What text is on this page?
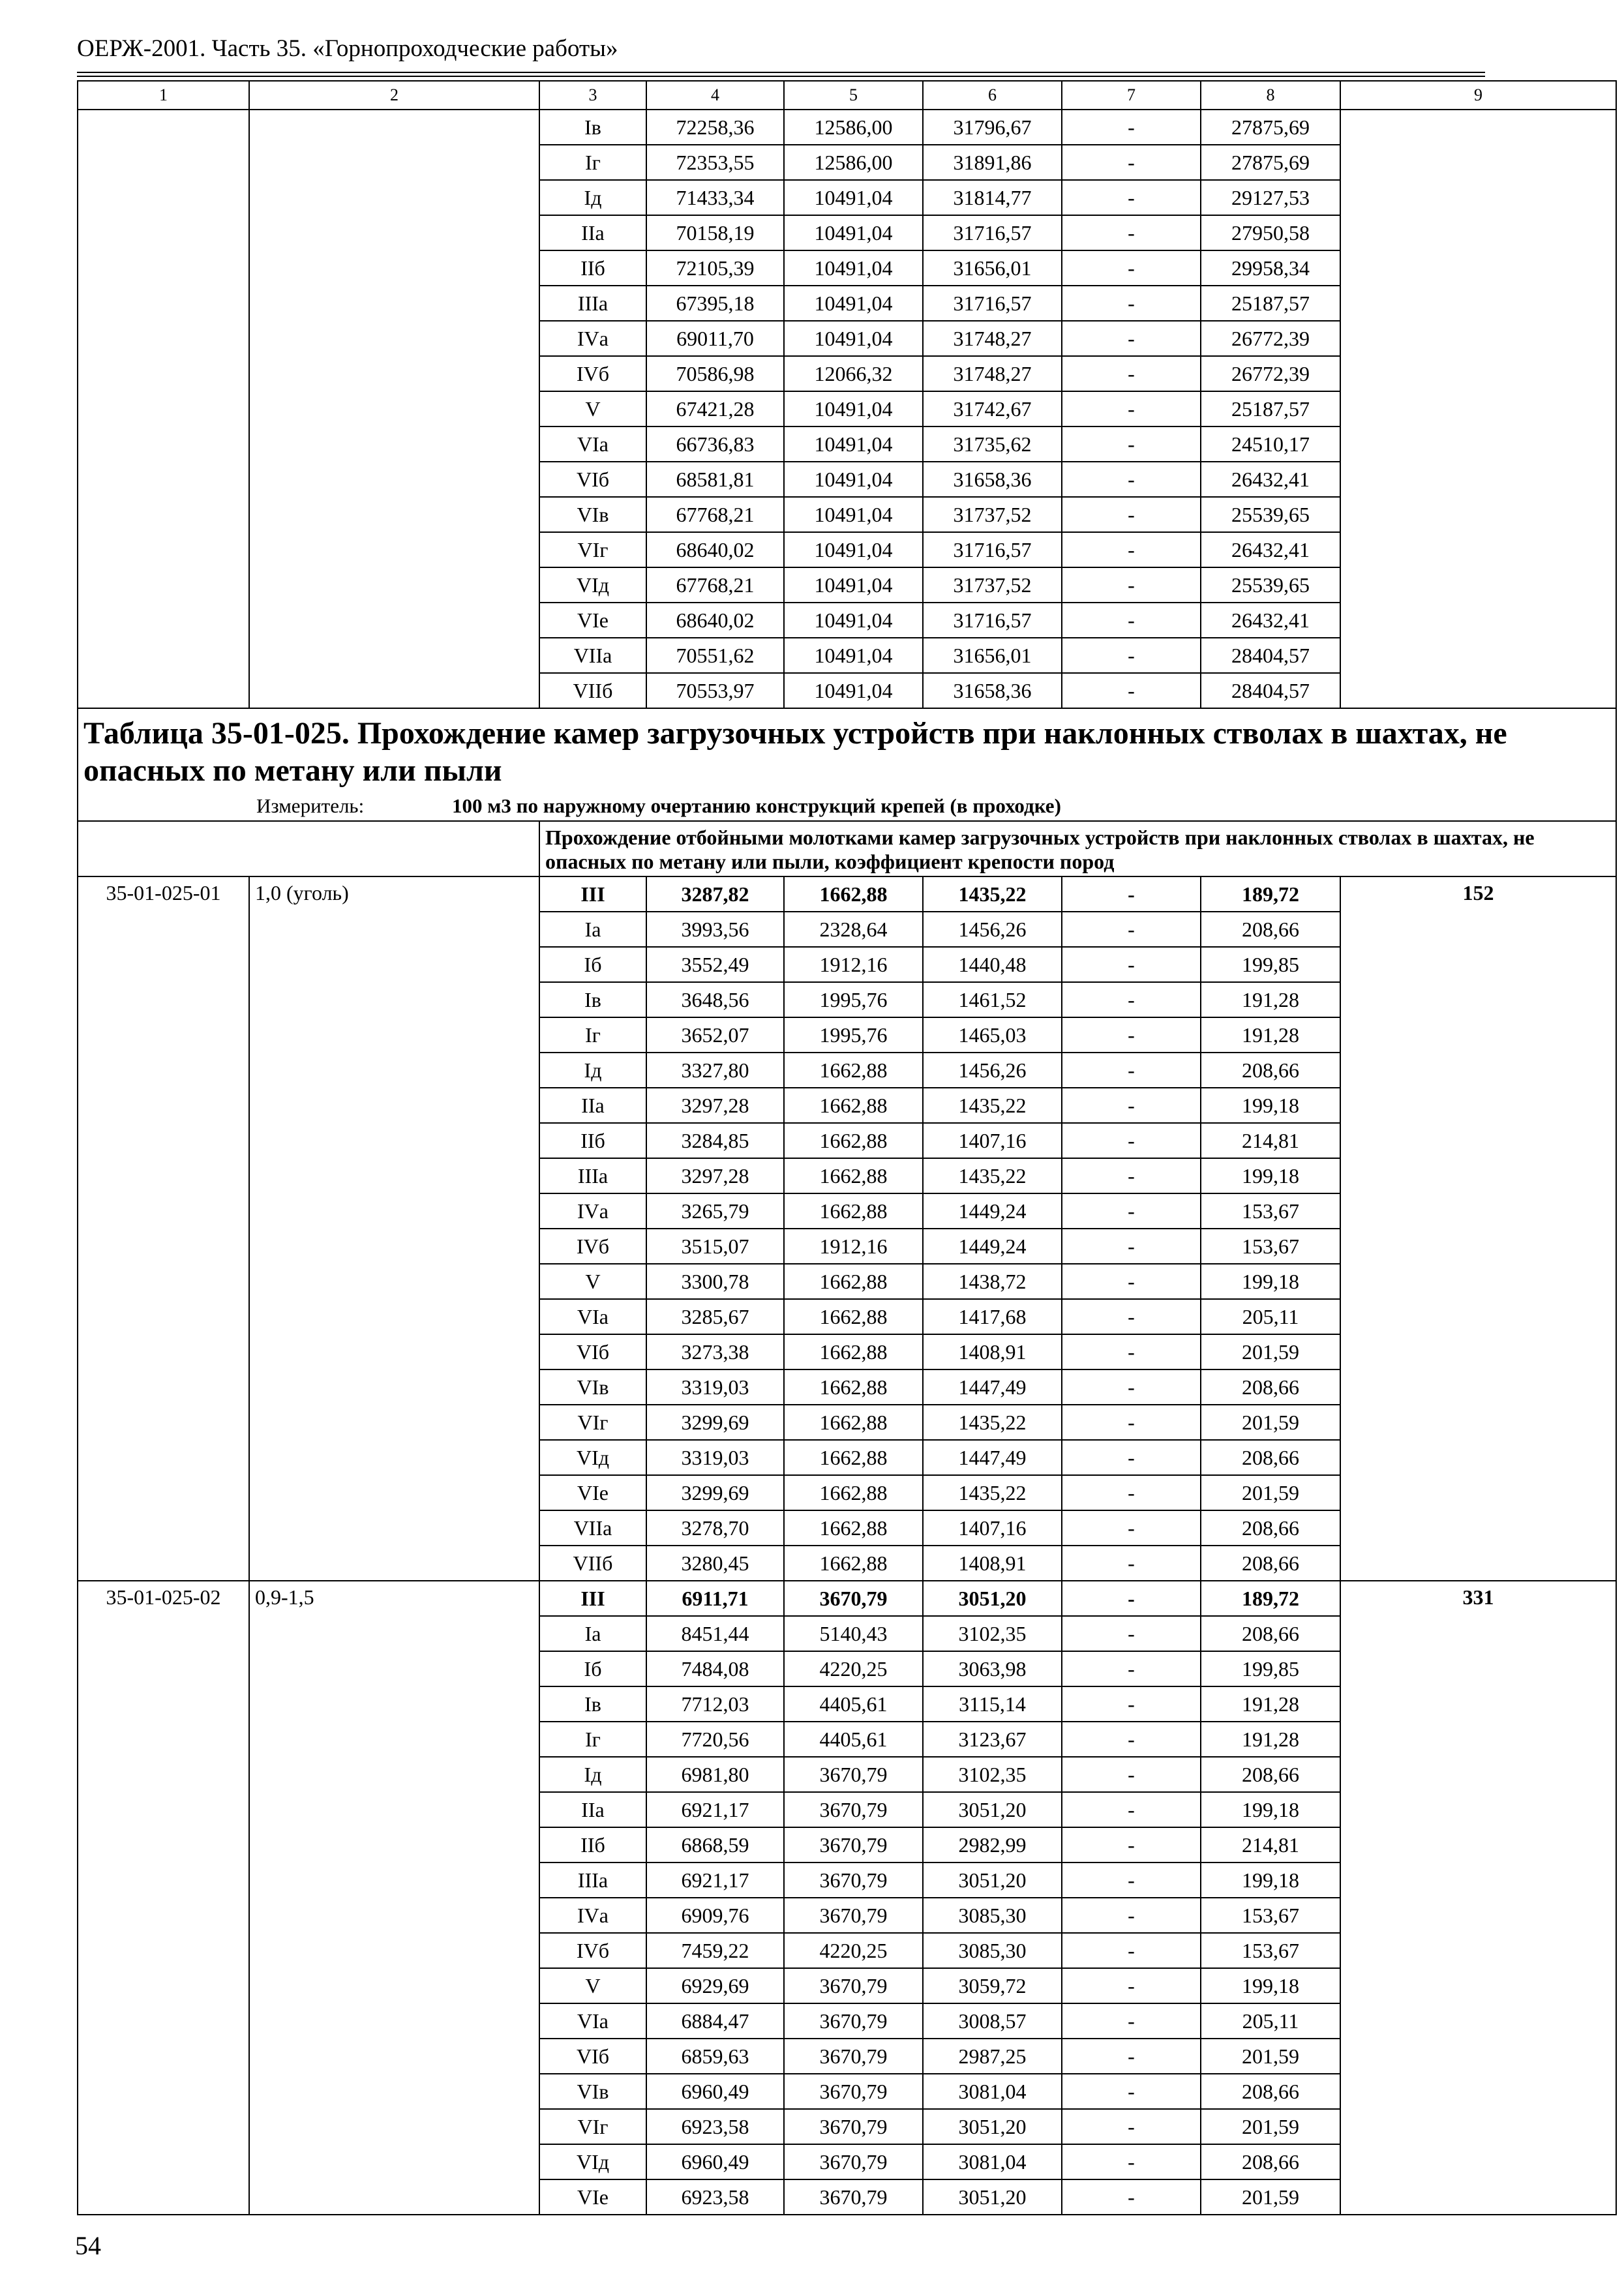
ОЕРЖ-2001. Часть 35. «Горнопроходческие работы»
1	2	3	4	5	6	7	8	9
		Iв	72258,36	12586,00	31796,67	-	27875,69	
		Iг	72353,55	12586,00	31891,86	-	27875,69	
		Iд	71433,34	10491,04	31814,77	-	29127,53	
		IIа	70158,19	10491,04	31716,57	-	27950,58	
		IIб	72105,39	10491,04	31656,01	-	29958,34	
		IIIа	67395,18	10491,04	31716,57	-	25187,57	
		IVа	69011,70	10491,04	31748,27	-	26772,39	
		IVб	70586,98	12066,32	31748,27	-	26772,39	
		V	67421,28	10491,04	31742,67	-	25187,57	
		VIа	66736,83	10491,04	31735,62	-	24510,17	
		VIб	68581,81	10491,04	31658,36	-	26432,41	
		VIв	67768,21	10491,04	31737,52	-	25539,65	
		VIг	68640,02	10491,04	31716,57	-	26432,41	
		VIд	67768,21	10491,04	31737,52	-	25539,65	
		VIе	68640,02	10491,04	31716,57	-	26432,41	
		VIIа	70551,62	10491,04	31656,01	-	28404,57	
		VIIб	70553,97	10491,04	31658,36	-	28404,57	

Таблица 35-01-025. Прохождение камер загрузочных устройств при наклонных стволах в шахтах, не опасных по метану или пыли
Измеритель: 100 м3 по наружному очертанию конструкций крепей (в проходке)								

		Прохождение отбойными молотками камер загрузочных устройств при наклонных стволах в шахтах, не опасных по метану или пыли, коэффициент крепости пород						
35-01-025-01	1,0 (уголь)	III	3287,82	1662,88	1435,22	-	189,72	152
		Iа	3993,56	2328,64	1456,26	-	208,66	
		Iб	3552,49	1912,16	1440,48	-	199,85	
		Iв	3648,56	1995,76	1461,52	-	191,28	
		Iг	3652,07	1995,76	1465,03	-	191,28	
		Iд	3327,80	1662,88	1456,26	-	208,66	
		IIа	3297,28	1662,88	1435,22	-	199,18	
		IIб	3284,85	1662,88	1407,16	-	214,81	
		IIIа	3297,28	1662,88	1435,22	-	199,18	
		IVа	3265,79	1662,88	1449,24	-	153,67	
		IVб	3515,07	1912,16	1449,24	-	153,67	
		V	3300,78	1662,88	1438,72	-	199,18	
		VIа	3285,67	1662,88	1417,68	-	205,11	
		VIб	3273,38	1662,88	1408,91	-	201,59	
		VIв	3319,03	1662,88	1447,49	-	208,66	
		VIг	3299,69	1662,88	1435,22	-	201,59	
		VIд	3319,03	1662,88	1447,49	-	208,66	
		VIе	3299,69	1662,88	1435,22	-	201,59	
		VIIа	3278,70	1662,88	1407,16	-	208,66	
		VIIб	3280,45	1662,88	1408,91	-	208,66	
35-01-025-02	0,9-1,5	III	6911,71	3670,79	3051,20	-	189,72	331
		Iа	8451,44	5140,43	3102,35	-	208,66	
		Iб	7484,08	4220,25	3063,98	-	199,85	
		Iв	7712,03	4405,61	3115,14	-	191,28	
		Iг	7720,56	4405,61	3123,67	-	191,28	
		Iд	6981,80	3670,79	3102,35	-	208,66	
		IIа	6921,17	3670,79	3051,20	-	199,18	
		IIб	6868,59	3670,79	2982,99	-	214,81	
		IIIа	6921,17	3670,79	3051,20	-	199,18	
		IVа	6909,76	3670,79	3085,30	-	153,67	
		IVб	7459,22	4220,25	3085,30	-	153,67	
		V	6929,69	3670,79	3059,72	-	199,18	
		VIа	6884,47	3670,79	3008,57	-	205,11	
		VIб	6859,63	3670,79	2987,25	-	201,59	
		VIв	6960,49	3670,79	3081,04	-	208,66	
		VIг	6923,58	3670,79	3051,20	-	201,59	
		VIд	6960,49	3670,79	3081,04	-	208,66	
		VIе	6923,58	3670,79	3051,20	-	201,59	
54
